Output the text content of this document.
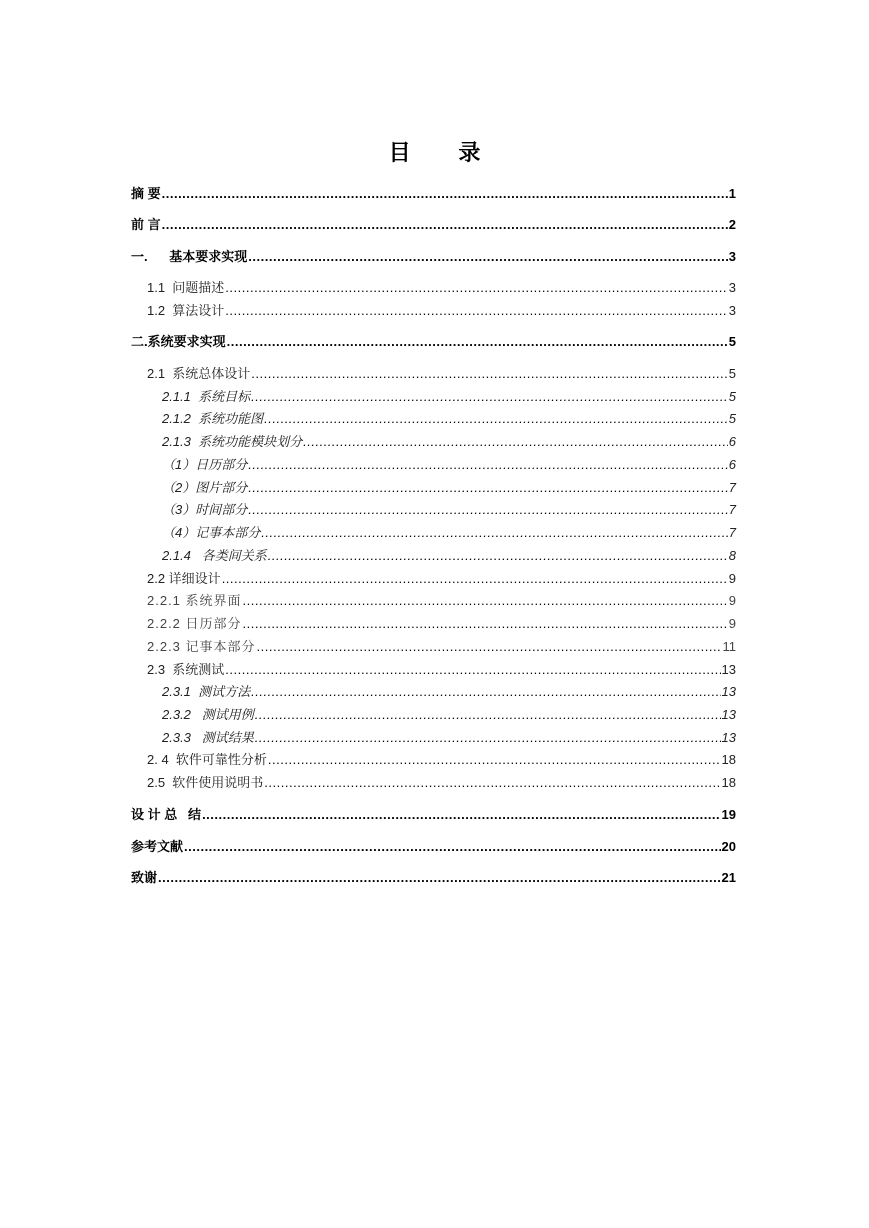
目 录
摘 要 .....	1
前 言 .....	2
一.      基本要求实现 .....	3
1.1  问题描述 .....	3
1.2  算法设计 .....	3
二.系统要求实现 .....	5
2.1  系统总体设计 .....	5
2.1.1  系统目标 .....	5
2.1.2  系统功能图 .....	5
2.1.3  系统功能模块划分 .....	6
（1）日历部分 .....	6
（2）图片部分 .....	7
（3）时间部分 .....	7
（4）记事本部分 .....	7
2.1.4   各类间关系 .....	8
2.2 详细设计 .....	9
2.2.1 系统界面 .....	9
2.2.2 日历部分 .....	9
2.2.3 记事本部分 .....	11
2.3  系统测试 .....	13
2.3.1  测试方法 .....	13
2.3.2   测试用例 .....	13
2.3.3   测试结果 .....	13
2. 4  软件可靠性分析 .....	18
2.5  软件使用说明书 .....	18
设 计 总   结 .....	19
参考文献 .....	20
致谢 .....	21
